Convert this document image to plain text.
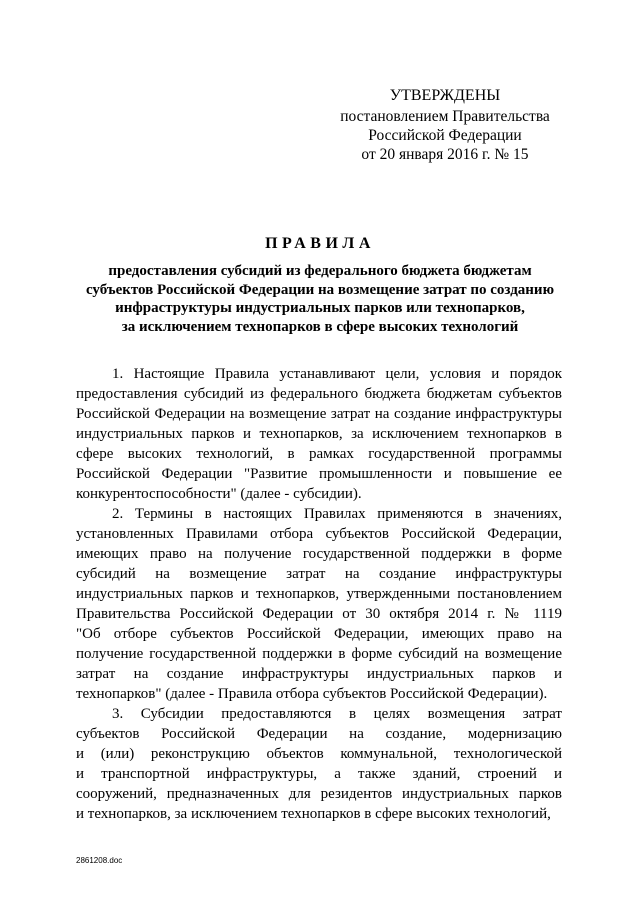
УТВЕРЖДЕНЫ
постановлением Правительства
Российской Федерации
от 20 января 2016 г. № 15
ПРАВИЛА
предоставления субсидий из федерального бюджета бюджетам
субъектов Российской Федерации на возмещение затрат по созданию
инфраструктуры индустриальных парков или технопарков,
за исключением технопарков в сфере высоких технологий
1. Настоящие Правила устанавливают цели, условия и порядок
предоставления субсидий из федерального бюджета бюджетам субъектов
Российской Федерации на возмещение затрат на создание инфраструктуры
индустриальных парков и технопарков, за исключением технопарков в
сфере высоких технологий, в рамках государственной программы
Российской Федерации "Развитие промышленности и повышение ее
конкурентоспособности" (далее - субсидии).
2. Термины в настоящих Правилах применяются в значениях,
установленных Правилами отбора субъектов Российской Федерации,
имеющих право на получение государственной поддержки в форме
субсидий на возмещение затрат на создание инфраструктуры
индустриальных парков и технопарков, утвержденными постановлением
Правительства Российской Федерации от 30 октября 2014 г. № 1119
"Об отборе субъектов Российской Федерации, имеющих право на
получение государственной поддержки в форме субсидий на возмещение
затрат на создание инфраструктуры индустриальных парков и
технопарков" (далее - Правила отбора субъектов Российской Федерации).
3. Субсидии предоставляются в целях возмещения затрат
субъектов Российской Федерации на создание, модернизацию
и (или) реконструкцию объектов коммунальной, технологической
и транспортной инфраструктуры, а также зданий, строений и
сооружений, предназначенных для резидентов индустриальных парков
и технопарков, за исключением технопарков в сфере высоких технологий,
2861208.doc
